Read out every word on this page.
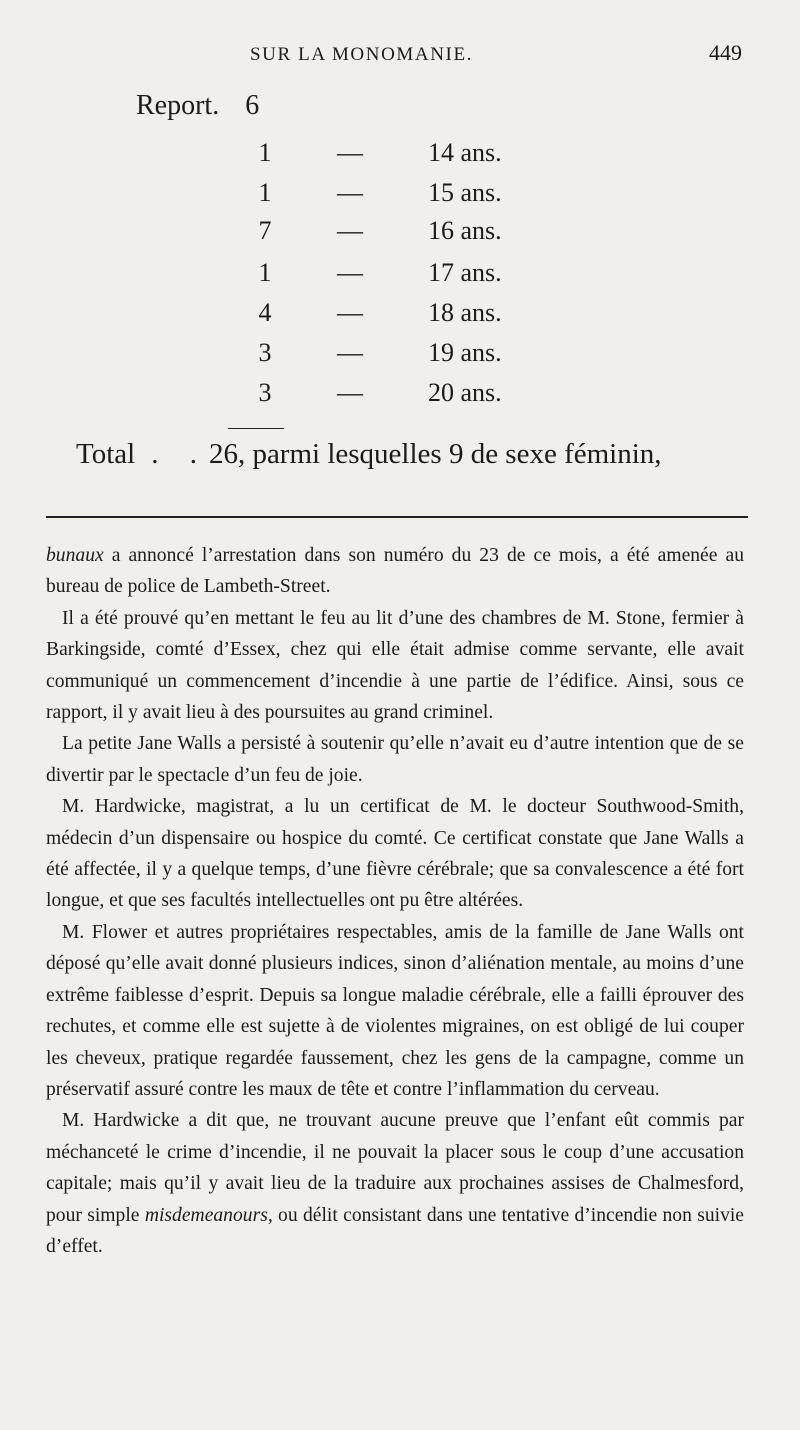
SUR LA MONOMANIE.	449
Report. 6
1	—	14 ans.
1	—	15 ans.
7	—	16 ans.
1	—	17 ans.
4	—	18 ans.
3	—	19 ans.
3	—	20 ans.
Total . .26, parmi lesquelles 9 de sexe féminin,

bunaux a annoncé l’arrestation dans son numéro du 23 de ce mois, a été amenée au bureau de police de Lambeth-Street.

Il a été prouvé qu’en mettant le feu au lit d’une des chambres de M. Stone, fermier à Barkingside, comté d’Essex, chez qui elle était admise comme servante, elle avait communiqué un commencement d’incendie à une partie de l’édifice. Ainsi, sous ce rapport, il y avait lieu à des poursuites au grand criminel.

La petite Jane Walls a persisté à soutenir qu’elle n’avait eu d’autre intention que de se divertir par le spectacle d’un feu de joie.

M. Hardwicke, magistrat, a lu un certificat de M. le docteur Southwood-Smith, médecin d’un dispensaire ou hospice du comté. Ce certificat constate que Jane Walls a été affectée, il y a quelque temps, d’une fièvre cérébrale; que sa convalescence a été fort longue, et que ses facultés intellectuelles ont pu être altérées.

M. Flower et autres propriétaires respectables, amis de la famille de Jane Walls ont déposé qu’elle avait donné plusieurs indices, sinon d’aliénation mentale, au moins d’une extrême faiblesse d’esprit. Depuis sa longue maladie cérébrale, elle a failli éprouver des rechutes, et comme elle est sujette à de violentes migraines, on est obligé de lui couper les cheveux, pratique regardée faussement, chez les gens de la campagne, comme un préservatif assuré contre les maux de tête et contre l’inflammation du cerveau.

M. Hardwicke a dit que, ne trouvant aucune preuve que l’enfant eût commis par méchanceté le crime d’incendie, il ne pouvait la placer sous le coup d’une accusation capitale; mais qu’il y avait lieu de la traduire aux prochaines assises de Chalmesford, pour simple misdemeanours, ou délit consistant dans une tentative d’incendie non suivie d’effet.
